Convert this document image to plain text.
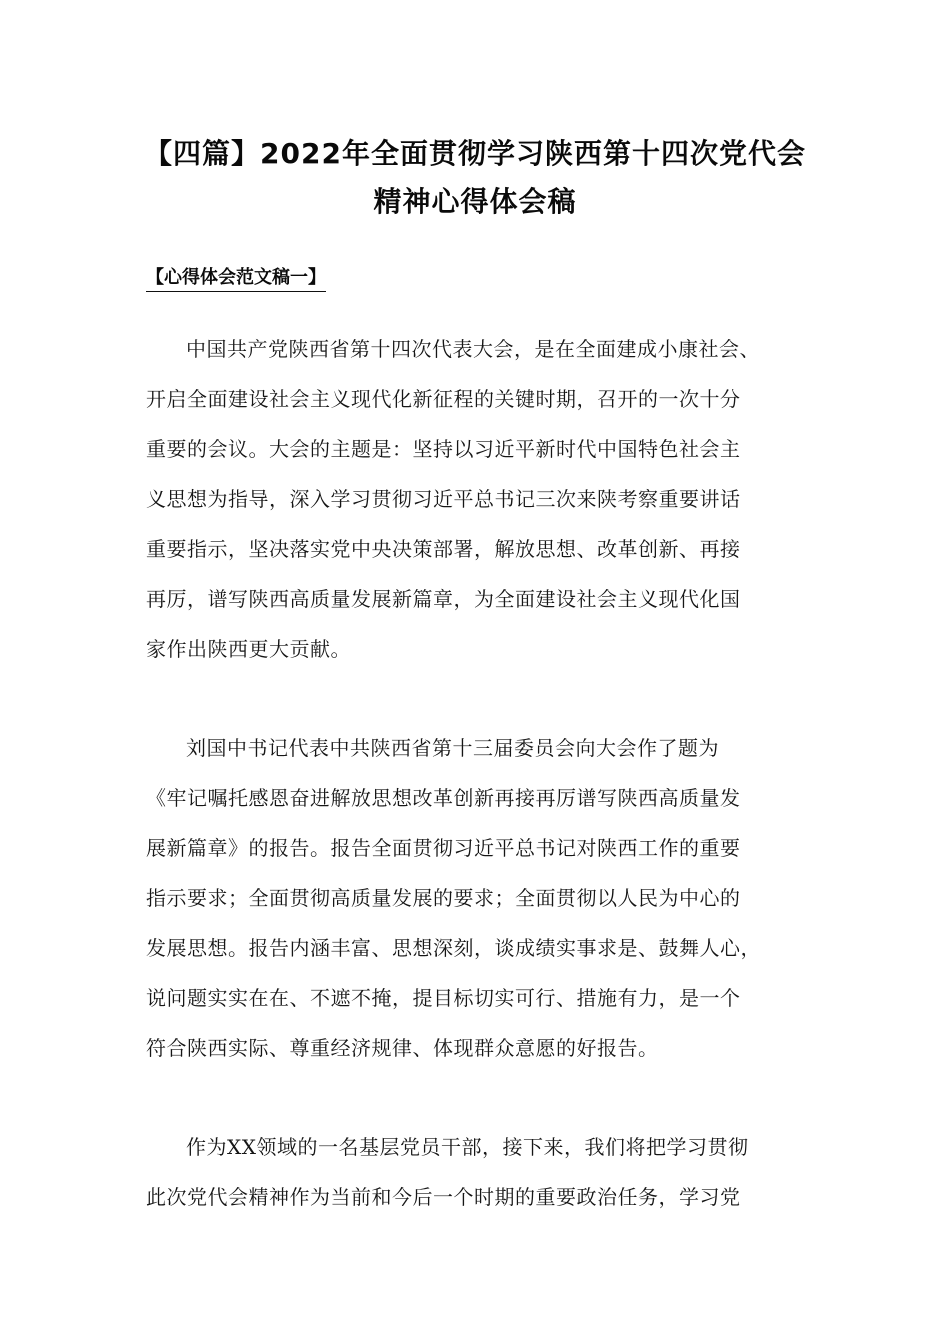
【四篇】2022年全面贯彻学习陕西第十四次党代会
精神心得体会稿
【心得体会范文稿一】
中国共产党陕西省第十四次代表大会，是在全面建成小康社会、
开启全面建设社会主义现代化新征程的关键时期，召开的一次十分
重要的会议。大会的主题是：坚持以习近平新时代中国特色社会主
义思想为指导，深入学习贯彻习近平总书记三次来陕考察重要讲话
重要指示，坚决落实党中央决策部署，解放思想、改革创新、再接
再厉，谱写陕西高质量发展新篇章，为全面建设社会主义现代化国
家作出陕西更大贡献。
刘国中书记代表中共陕西省第十三届委员会向大会作了题为
《牢记嘱托感恩奋进解放思想改革创新再接再厉谱写陕西高质量发
展新篇章》的报告。报告全面贯彻习近平总书记对陕西工作的重要
指示要求；全面贯彻高质量发展的要求；全面贯彻以人民为中心的
发展思想。报告内涵丰富、思想深刻，谈成绩实事求是、鼓舞人心，
说问题实实在在、不遮不掩，提目标切实可行、措施有力，是一个
符合陕西实际、尊重经济规律、体现群众意愿的好报告。
作为XX领域的一名基层党员干部，接下来，我们将把学习贯彻
此次党代会精神作为当前和今后一个时期的重要政治任务，学习党
